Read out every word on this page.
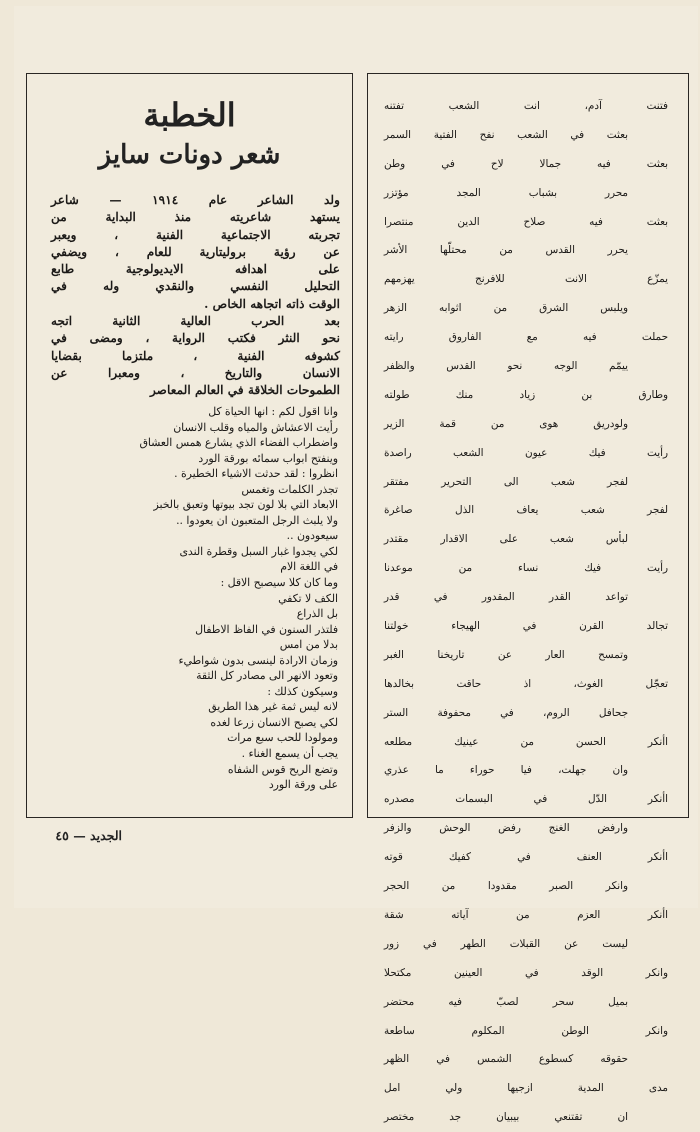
فتنت آدم، انت الشعب تفتنه
بعثت في الشعب نفح الفتية السمر
بعثت فيه جمالا لاح في وطن
محرر بشباب المجد مؤتزر
بعثت فيه صلاح الدين منتصرا
يحرر القدس من محتلّها الأشر
يمزّع الانت للافرنج يهزمهم
ويلبس الشرق من اثوابه الزهر
حملت فيه مع الفاروق رايته
ييمّم الوجه نحو القدس والظفر
وطارق بن زياد منك طولته
ولودريق هوى من قمة الزير
رأيت فيك عيون الشعب راصدة
لفجر شعب الى التحرير مفتقر
لفجر شعب يعاف الذل صاغرة
لبأس شعب على الاقدار مقتدر
رأيت فيك نساء من موعدنا
تواعد القدر المقدور في قدر
تجالد القرن في الهيجاء خولتنا
وتمسح العار عن تاريخنا الغبر
تعجّل الغوث، اذ حاقت بخالدها
جحافل الروم، في محفوفة الستر
اأنكر الحسن من عينيك مطلعه
وان جهلت، فيا حوراء ما عذري
اأنكر الدّل في البسمات مصدره
وارفض الغنج رفض الوحش والزفر
اأنكر العنف في كفيك قوته
وانكر الصبر مقدودا من الحجر
اأنكر العزم من آياته شقة
ليست عن القبلات الطهر في زور
وانكر الوقد في العينين مكتحلا
بميل سحر لصبّ فيه محتضر
وانكر الوطن المكلوم ساطعة
حقوقه كسطوع الشمس في الظهر
مدى المدية ازجيها ولي امل
ان تقتنعي بيبيان جد مختصر
الخطبة
شعر دونات سايز
ولد الشاعر عام ١٩١٤ — شاعر
يستهد شاعريته منذ البداية من
تجربته الاجتماعية الفنية ، ويعبر
عن رؤية بروليتارية للعام ، ويضفي
على اهدافه الايديولوجية طابع
التحليل النفسي والنقدي وله في
الوقت ذاته اتجاهه الخاص .
بعد الحرب العالية الثانية اتجه
نحو النثر فكتب الرواية ، ومضى في
كشوفه الفنية ، ملتزما بقضايا
الانسان والتاريخ ، ومعبرا عن
الطموحات الخلاقة في العالم المعاصر
وانا اقول لكم : انها الحياة كل
رأيت الاعشاش والمياه وقلب الانسان
واضطراب الفضاء الذي يشارع همس العشاق
وينفتح ابواب سمائه بورقة الورد
انظروا : لقد حدثت الاشياء الخطيرة .
تجذر الكلمات وتغمس
الابعاد التي بلا لون تجد بيوتها وتعبق بالخبز
ولا يلبث الرجل المتعبون ان يعودوا ..
سيعودون ..
لكي يجدوا غبار السبل وقطرة الندى
في اللغة الام
وما كان كلا سيصبح الاقل :
الكف لا تكفي
بل الذراع
فلتذر السنون في الفاظ الاطفال
بدلا من امس
وزمان الارادة لينسى بدون شواطيء
وتعود الانهر الى مصادر كل الثقة
وسيكون كذلك :
لانه ليس ثمة غير هذا الطريق
لكي يصبح الانسان زرعا لغده
ومولودا للحب سبع مرات
يجب أن يسمع الغناء .
وتضع الريح قوس الشفاه
على ورقة الورد
الجديد — ٤٥
